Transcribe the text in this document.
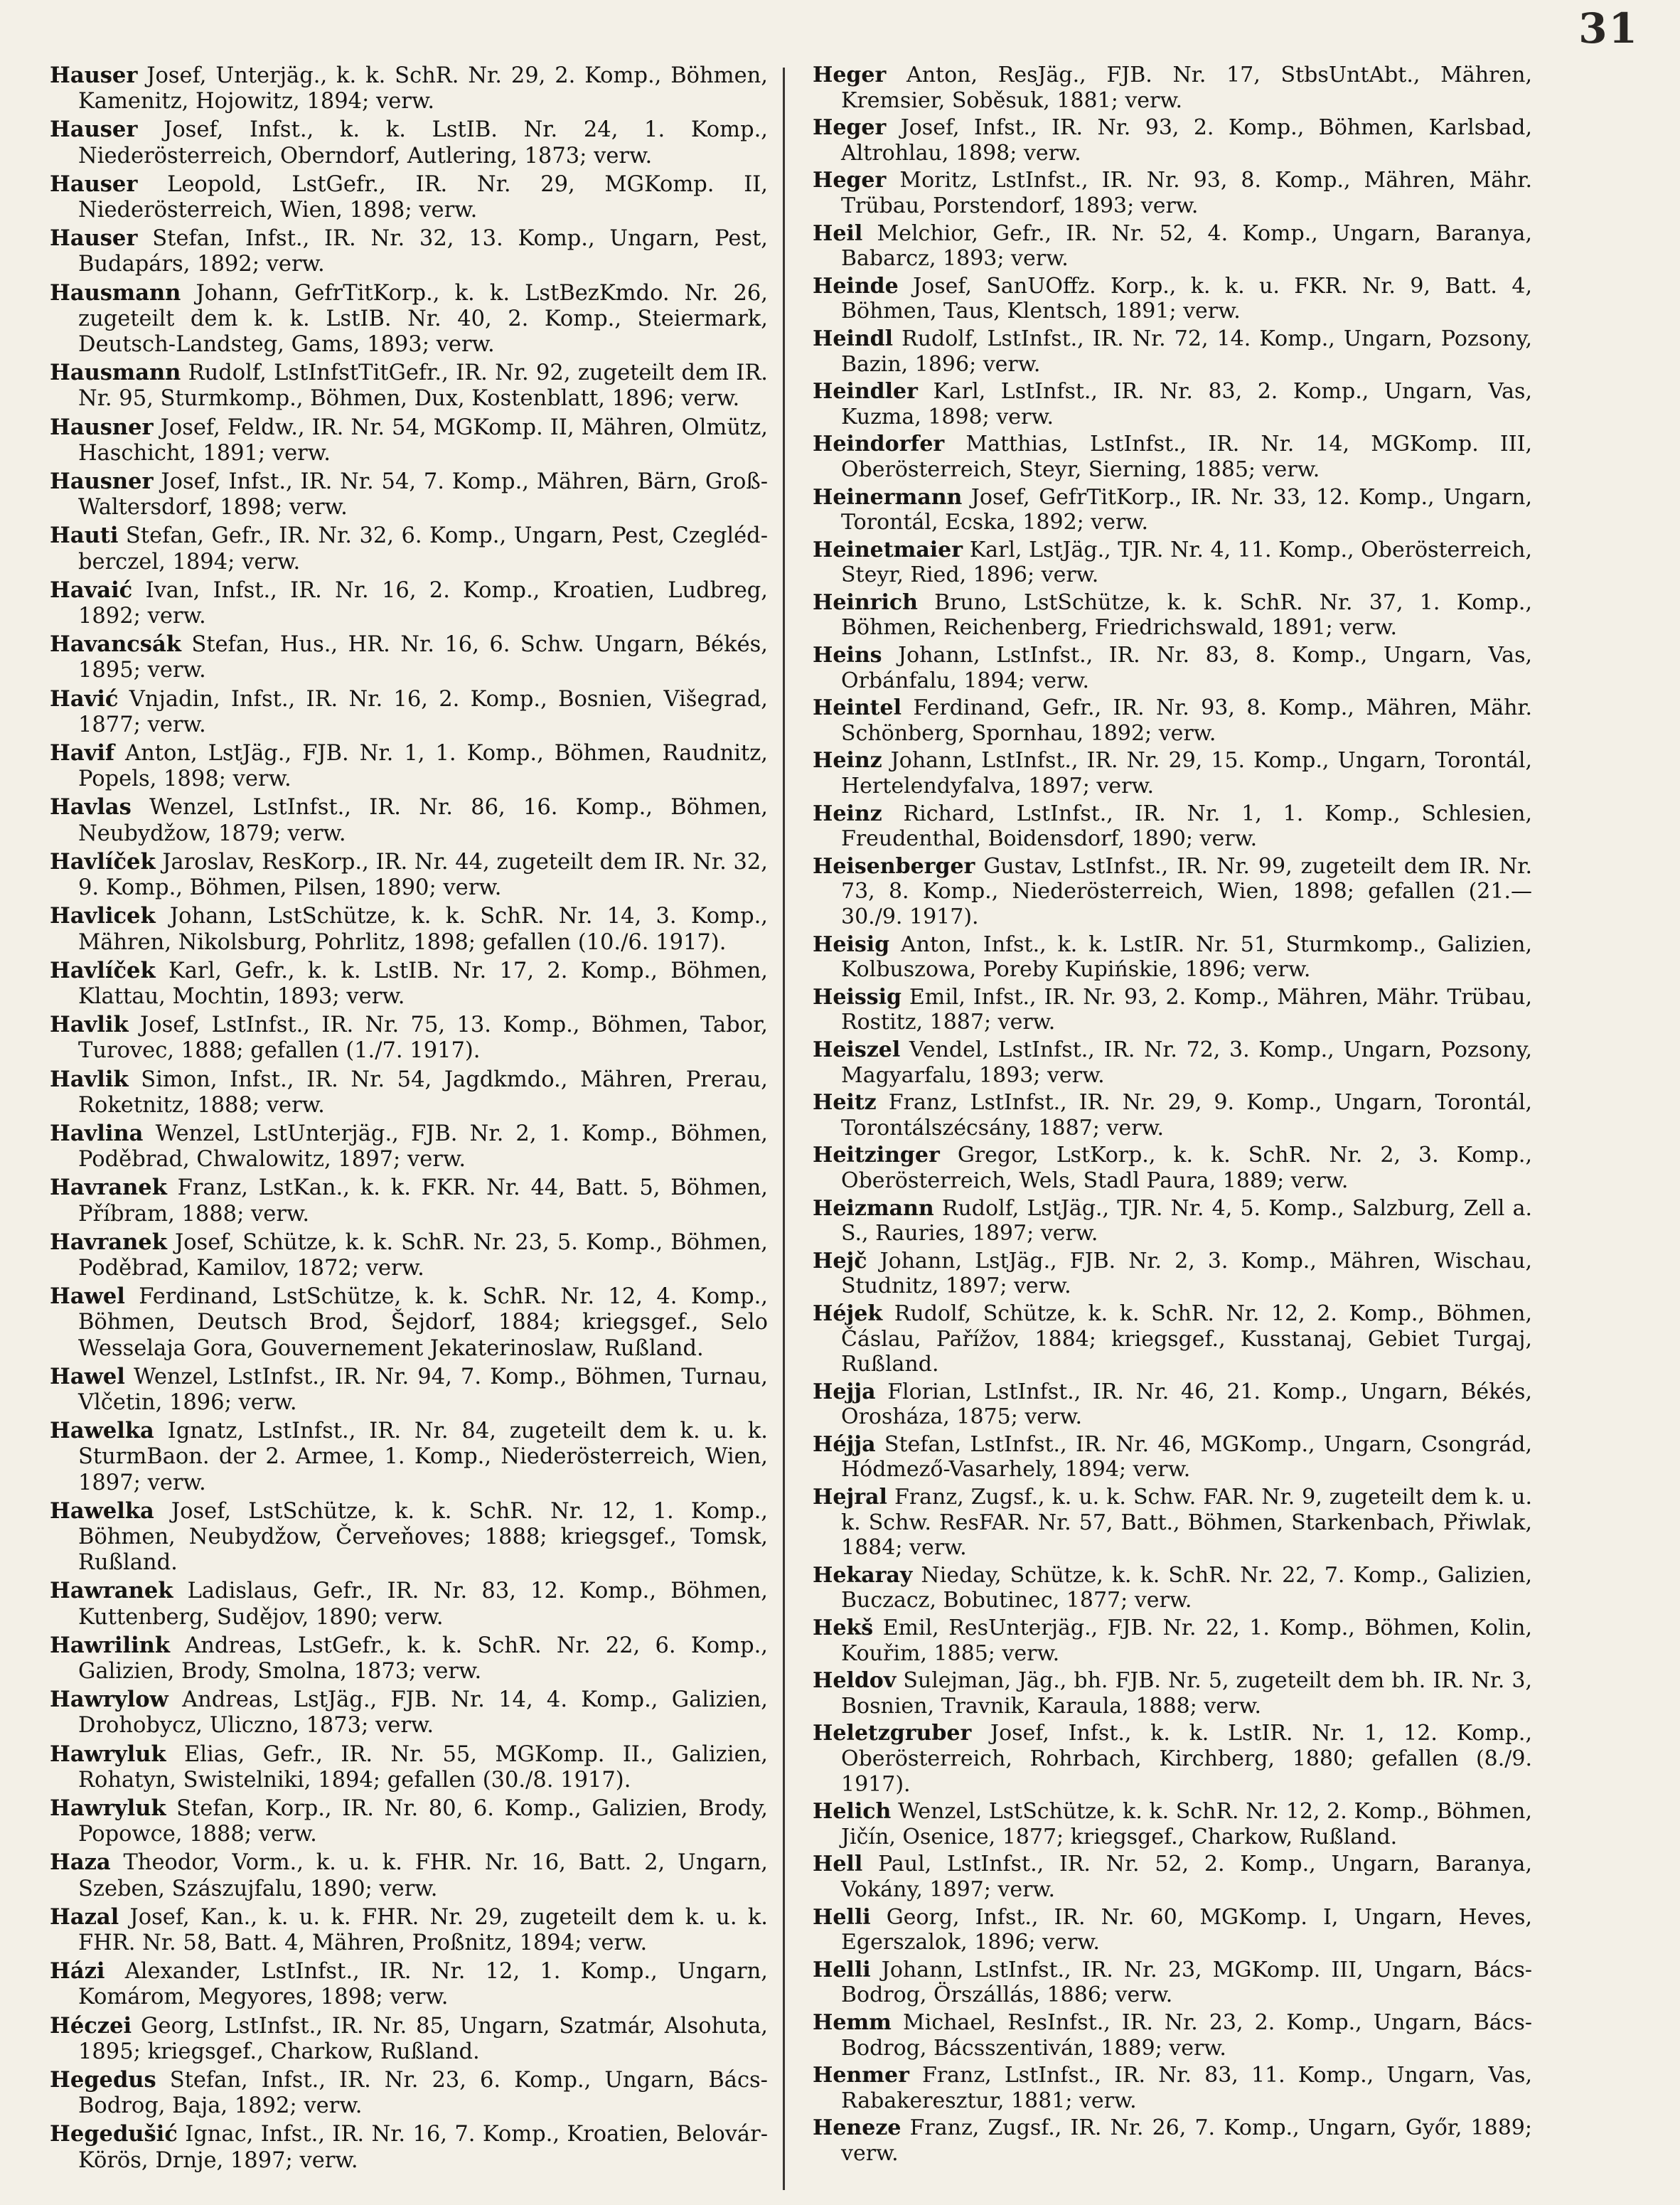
31

Hauser Josef, Unterjäg., k. k. SchR. Nr. 29, 2. Komp., Böhmen, Kamenitz, Hojowitz, 1894; verw.

Hauser Josef, Infst., k. k. LstIB. Nr. 24, 1. Komp., Niederösterreich, Oberndorf, Autlering, 1873; verw.

Hauser Leopold, LstGefr., IR. Nr. 29, MGKomp. II, Niederösterreich, Wien, 1898; verw.

Hauser Stefan, Infst., IR. Nr. 32, 13. Komp., Ungarn, Pest, Budapárs, 1892; verw.

Hausmann Johann, GefrTitKorp., k. k. LstBezKmdo. Nr. 26, zugeteilt dem k. k. LstIB. Nr. 40, 2. Komp., Steiermark, Deutsch-Landsteg, Gams, 1893; verw.

Hausmann Rudolf, LstInfstTitGefr., IR. Nr. 92, zugeteilt dem IR. Nr. 95, Sturmkomp., Böhmen, Dux, Kostenblatt, 1896; verw.

Hausner Josef, Feldw., IR. Nr. 54, MGKomp. II, Mähren, Olmütz, Haschicht, 1891; verw.

Hausner Josef, Infst., IR. Nr. 54, 7. Komp., Mähren, Bärn, Groß-Waltersdorf, 1898; verw.

Hauti Stefan, Gefr., IR. Nr. 32, 6. Komp., Ungarn, Pest, Czegléd-berczel, 1894; verw.

Havaić Ivan, Infst., IR. Nr. 16, 2. Komp., Kroatien, Ludbreg, 1892; verw.

Havancsák Stefan, Hus., HR. Nr. 16, 6. Schw. Ungarn, Békés, 1895; verw.

Havić Vnjadin, Infst., IR. Nr. 16, 2. Komp., Bosnien, Višegrad, 1877; verw.

Havif Anton, LstJäg., FJB. Nr. 1, 1. Komp., Böhmen, Raudnitz, Popels, 1898; verw.

Havlas Wenzel, LstInfst., IR. Nr. 86, 16. Komp., Böhmen, Neubydžow, 1879; verw.

Havlíček Jaroslav, ResKorp., IR. Nr. 44, zugeteilt dem IR. Nr. 32, 9. Komp., Böhmen, Pilsen, 1890; verw.

Havlicek Johann, LstSchütze, k. k. SchR. Nr. 14, 3. Komp., Mähren, Nikolsburg, Pohrlitz, 1898; gefallen (10./6. 1917).

Havlíček Karl, Gefr., k. k. LstIB. Nr. 17, 2. Komp., Böhmen, Klattau, Mochtin, 1893; verw.

Havlik Josef, LstInfst., IR. Nr. 75, 13. Komp., Böhmen, Tabor, Turovec, 1888; gefallen (1./7. 1917).

Havlik Simon, Infst., IR. Nr. 54, Jagdkmdo., Mähren, Prerau, Roketnitz, 1888; verw.

Havlina Wenzel, LstUnterjäg., FJB. Nr. 2, 1. Komp., Böhmen, Poděbrad, Chwalowitz, 1897; verw.

Havranek Franz, LstKan., k. k. FKR. Nr. 44, Batt. 5, Böhmen, Příbram, 1888; verw.

Havranek Josef, Schütze, k. k. SchR. Nr. 23, 5. Komp., Böhmen, Poděbrad, Kamilov, 1872; verw.

Hawel Ferdinand, LstSchütze, k. k. SchR. Nr. 12, 4. Komp., Böhmen, Deutsch Brod, Šejdorf, 1884; kriegsgef., Selo Wesselaja Gora, Gouvernement Jekaterinoslaw, Rußland.

Hawel Wenzel, LstInfst., IR. Nr. 94, 7. Komp., Böhmen, Turnau, Vlčetin, 1896; verw.

Hawelka Ignatz, LstInfst., IR. Nr. 84, zugeteilt dem k. u. k. SturmBaon. der 2. Armee, 1. Komp., Niederösterreich, Wien, 1897; verw.

Hawelka Josef, LstSchütze, k. k. SchR. Nr. 12, 1. Komp., Böhmen, Neubydžow, Červeňoves; 1888; kriegsgef., Tomsk, Rußland.

Hawranek Ladislaus, Gefr., IR. Nr. 83, 12. Komp., Böhmen, Kuttenberg, Sudějov, 1890; verw.

Hawrilink Andreas, LstGefr., k. k. SchR. Nr. 22, 6. Komp., Galizien, Brody, Smolna, 1873; verw.

Hawrylow Andreas, LstJäg., FJB. Nr. 14, 4. Komp., Galizien, Drohobycz, Uliczno, 1873; verw.

Hawryluk Elias, Gefr., IR. Nr. 55, MGKomp. II., Galizien, Rohatyn, Swistelniki, 1894; gefallen (30./8. 1917).

Hawryluk Stefan, Korp., IR. Nr. 80, 6. Komp., Galizien, Brody, Popowce, 1888; verw.

Haza Theodor, Vorm., k. u. k. FHR. Nr. 16, Batt. 2, Ungarn, Szeben, Szászujfalu, 1890; verw.

Hazal Josef, Kan., k. u. k. FHR. Nr. 29, zugeteilt dem k. u. k. FHR. Nr. 58, Batt. 4, Mähren, Proßnitz, 1894; verw.

Házi Alexander, LstInfst., IR. Nr. 12, 1. Komp., Ungarn, Komárom, Megyores, 1898; verw.

Héczei Georg, LstInfst., IR. Nr. 85, Ungarn, Szatmár, Alsohuta, 1895; kriegsgef., Charkow, Rußland.

Hegedus Stefan, Infst., IR. Nr. 23, 6. Komp., Ungarn, Bács-Bodrog, Baja, 1892; verw.

Hegedušić Ignac, Infst., IR. Nr. 16, 7. Komp., Kroatien, Belovár-Körös, Drnje, 1897; verw.

Heger Anton, ResJäg., FJB. Nr. 17, StbsUntAbt., Mähren, Kremsier, Soběsuk, 1881; verw.

Heger Josef, Infst., IR. Nr. 93, 2. Komp., Böhmen, Karlsbad, Altrohlau, 1898; verw.

Heger Moritz, LstInfst., IR. Nr. 93, 8. Komp., Mähren, Mähr. Trübau, Porstendorf, 1893; verw.

Heil Melchior, Gefr., IR. Nr. 52, 4. Komp., Ungarn, Baranya, Babarcz, 1893; verw.

Heinde Josef, SanUOffz. Korp., k. k. u. FKR. Nr. 9, Batt. 4, Böhmen, Taus, Klentsch, 1891; verw.

Heindl Rudolf, LstInfst., IR. Nr. 72, 14. Komp., Ungarn, Pozsony, Bazin, 1896; verw.

Heindler Karl, LstInfst., IR. Nr. 83, 2. Komp., Ungarn, Vas, Kuzma, 1898; verw.

Heindorfer Matthias, LstInfst., IR. Nr. 14, MGKomp. III, Oberösterreich, Steyr, Sierning, 1885; verw.

Heinermann Josef, GefrTitKorp., IR. Nr. 33, 12. Komp., Ungarn, Torontál, Ecska, 1892; verw.

Heinetmaier Karl, LstJäg., TJR. Nr. 4, 11. Komp., Oberösterreich, Steyr, Ried, 1896; verw.

Heinrich Bruno, LstSchütze, k. k. SchR. Nr. 37, 1. Komp., Böhmen, Reichenberg, Friedrichswald, 1891; verw.

Heins Johann, LstInfst., IR. Nr. 83, 8. Komp., Ungarn, Vas, Orbánfalu, 1894; verw.

Heintel Ferdinand, Gefr., IR. Nr. 93, 8. Komp., Mähren, Mähr. Schönberg, Spornhau, 1892; verw.

Heinz Johann, LstInfst., IR. Nr. 29, 15. Komp., Ungarn, Torontál, Hertelendyfalva, 1897; verw.

Heinz Richard, LstInfst., IR. Nr. 1, 1. Komp., Schlesien, Freudenthal, Boidensdorf, 1890; verw.

Heisenberger Gustav, LstInfst., IR. Nr. 99, zugeteilt dem IR. Nr. 73, 8. Komp., Niederösterreich, Wien, 1898; gefallen (21.—30./9. 1917).

Heisig Anton, Infst., k. k. LstIR. Nr. 51, Sturmkomp., Galizien, Kolbuszowa, Poreby Kupińskie, 1896; verw.

Heissig Emil, Infst., IR. Nr. 93, 2. Komp., Mähren, Mähr. Trübau, Rostitz, 1887; verw.

Heiszel Vendel, LstInfst., IR. Nr. 72, 3. Komp., Ungarn, Pozsony, Magyarfalu, 1893; verw.

Heitz Franz, LstInfst., IR. Nr. 29, 9. Komp., Ungarn, Torontál, Torontálszécsány, 1887; verw.

Heitzinger Gregor, LstKorp., k. k. SchR. Nr. 2, 3. Komp., Oberösterreich, Wels, Stadl Paura, 1889; verw.

Heizmann Rudolf, LstJäg., TJR. Nr. 4, 5. Komp., Salzburg, Zell a. S., Rauries, 1897; verw.

Hejč Johann, LstJäg., FJB. Nr. 2, 3. Komp., Mähren, Wischau, Studnitz, 1897; verw.

Héjek Rudolf, Schütze, k. k. SchR. Nr. 12, 2. Komp., Böhmen, Čáslau, Pařížov, 1884; kriegsgef., Kusstanaj, Gebiet Turgaj, Rußland.

Hejja Florian, LstInfst., IR. Nr. 46, 21. Komp., Ungarn, Békés, Orosháza, 1875; verw.

Héjja Stefan, LstInfst., IR. Nr. 46, MGKomp., Ungarn, Csongrád, Hódmező-Vasarhely, 1894; verw.

Hejral Franz, Zugsf., k. u. k. Schw. FAR. Nr. 9, zugeteilt dem k. u. k. Schw. ResFAR. Nr. 57, Batt., Böhmen, Starkenbach, Přiwlak, 1884; verw.

Hekaray Nieday, Schütze, k. k. SchR. Nr. 22, 7. Komp., Galizien, Buczacz, Bobutinec, 1877; verw.

Hekš Emil, ResUnterjäg., FJB. Nr. 22, 1. Komp., Böhmen, Kolin, Kouřim, 1885; verw.

Heldov Sulejman, Jäg., bh. FJB. Nr. 5, zugeteilt dem bh. IR. Nr. 3, Bosnien, Travnik, Karaula, 1888; verw.

Heletzgruber Josef, Infst., k. k. LstIR. Nr. 1, 12. Komp., Oberösterreich, Rohrbach, Kirchberg, 1880; gefallen (8./9. 1917).

Helich Wenzel, LstSchütze, k. k. SchR. Nr. 12, 2. Komp., Böhmen, Jičín, Osenice, 1877; kriegsgef., Charkow, Rußland.

Hell Paul, LstInfst., IR. Nr. 52, 2. Komp., Ungarn, Baranya, Vokány, 1897; verw.

Helli Georg, Infst., IR. Nr. 60, MGKomp. I, Ungarn, Heves, Egerszalok, 1896; verw.

Helli Johann, LstInfst., IR. Nr. 23, MGKomp. III, Ungarn, Bács-Bodrog, Örszállás, 1886; verw.

Hemm Michael, ResInfst., IR. Nr. 23, 2. Komp., Ungarn, Bács-Bodrog, Bácsszentiván, 1889; verw.

Henmer Franz, LstInfst., IR. Nr. 83, 11. Komp., Ungarn, Vas, Rabakeresztur, 1881; verw.

Heneze Franz, Zugsf., IR. Nr. 26, 7. Komp., Ungarn, Győr, 1889; verw.
